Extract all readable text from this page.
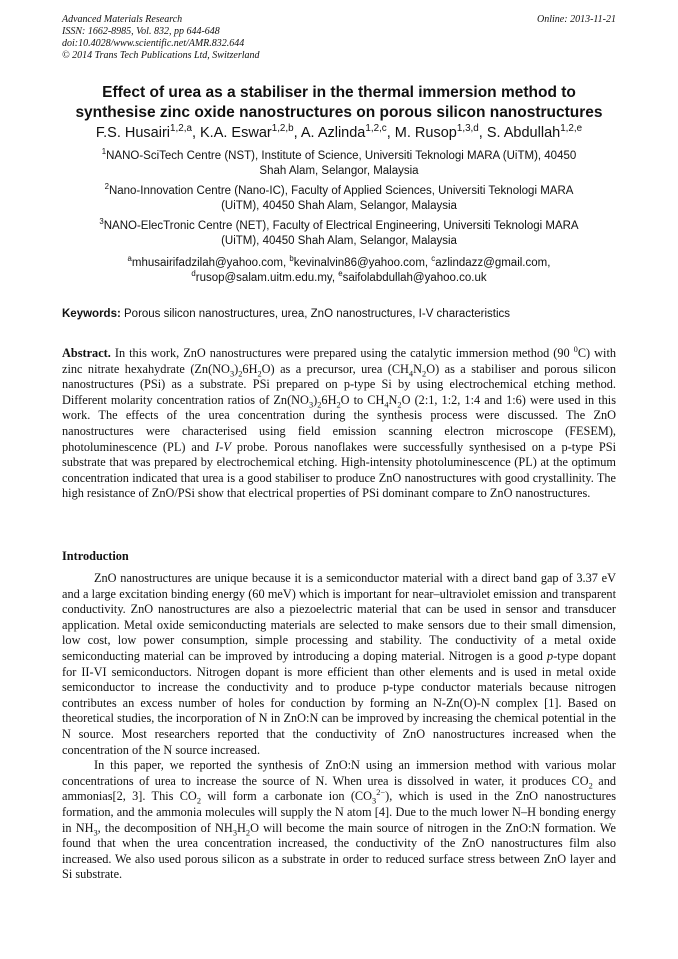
Advanced Materials Research
ISSN: 1662-8985, Vol. 832, pp 644-648
doi:10.4028/www.scientific.net/AMR.832.644
© 2014 Trans Tech Publications Ltd, Switzerland
Online: 2013-11-21
Effect of urea as a stabiliser in the thermal immersion method to
synthesise zinc oxide nanostructures on porous silicon nanostructures
F.S. Husairi$^{1,2,a}$, K.A. Eswar$^{1,2,b}$, A. Azlinda$^{1,2,c}$, M. Rusop$^{1,3,d}$, S. Abdullah$^{1,2,e}$
$^1$NANO-SciTech Centre (NST), Institute of Science, Universiti Teknologi MARA (UiTM), 40450
Shah Alam, Selangor, Malaysia
$^2$Nano-Innovation Centre (Nano-IC), Faculty of Applied Sciences, Universiti Teknologi MARA
(UiTM), 40450 Shah Alam, Selangor, Malaysia
$^3$NANO-ElecTronic Centre (NET), Faculty of Electrical Engineering, Universiti Teknologi MARA
(UiTM), 40450 Shah Alam, Selangor, Malaysia
$^a$mhusairifadzilah@yahoo.com, $^b$kevinalvin86@yahoo.com, $^c$azlindazz@gmail.com,
$^d$rusop@salam.uitm.edu.my, $^e$saifolabdullah@yahoo.co.uk
Keywords: Porous silicon nanostructures, urea, ZnO nanostructures, I-V characteristics
Abstract. In this work, ZnO nanostructures were prepared using the catalytic immersion method (90 $^0$C) with zinc nitrate hexahydrate $(Zn(NO_3)_26H_2O)$ as a precursor, urea $(CH_4N_2O)$ as a stabiliser and porous silicon nanostructures (PSi) as a substrate. PSi prepared on p-type Si by using electrochemical etching method. Different molarity concentration ratios of $Zn(NO_3)_26H_2O$ to $CH_4N_2O$ (2:1, 1:2, 1:4 and 1:6) were used in this work. The effects of the urea concentration during the synthesis process were discussed. The ZnO nanostructures were characterised using field emission scanning electron microscope (FESEM), photoluminescence (PL) and I-V probe. Porous nanoflakes were successfully synthesised on a p-type PSi substrate that was prepared by electrochemical etching. High-intensity photoluminescence (PL) at the optimum concentration indicated that urea is a good stabiliser to produce ZnO nanostructures with good crystallinity. The high resistance of ZnO/PSi show that electrical properties of PSi dominant compare to ZnO nanostructures.
Introduction

ZnO nanostructures are unique because it is a semiconductor material with a direct band gap of 3.37 eV and a large excitation binding energy (60 meV) which is important for near–ultraviolet emission and transparent conductivity. ZnO nanostructures are also a piezoelectric material that can be used in sensor and transducer application. Metal oxide semiconducting materials are selected to make sensors due to their small dimension, low cost, low power consumption, simple processing and stability. The conductivity of a metal oxide semiconducting material can be improved by introducing a doping material. Nitrogen is a good p-type dopant for II-VI semiconductors. Nitrogen dopant is more efficient than other elements and is used in metal oxide semiconductor to increase the conductivity and to produce p-type conductor materials because nitrogen contributes an excess number of holes for conduction by forming an N-Zn(O)-N complex [1]. Based on theoretical studies, the incorporation of N in ZnO:N can be improved by increasing the chemical potential in the N source. Most researchers reported that the conductivity of ZnO nanostructures increased when the concentration of the N source increased.

In this paper, we reported the synthesis of ZnO:N using an immersion method with various molar concentrations of urea to increase the source of N. When urea is dissolved in water, it produces $CO_2$ and ammonias[2, 3]. This $CO_2$ will form a carbonate ion $(CO_3^{2-})$, which is used in the ZnO nanostructures formation, and the ammonia molecules will supply the N atom [4]. Due to the much lower N–H bonding energy in $NH_3$, the decomposition of $NH_3H_2O$ will become the main source of nitrogen in the ZnO:N formation. We found that when the urea concentration increased, the conductivity of the ZnO nanostructures film also increased. We also used porous silicon as a substrate in order to reduced surface stress between ZnO layer and Si substrate.
